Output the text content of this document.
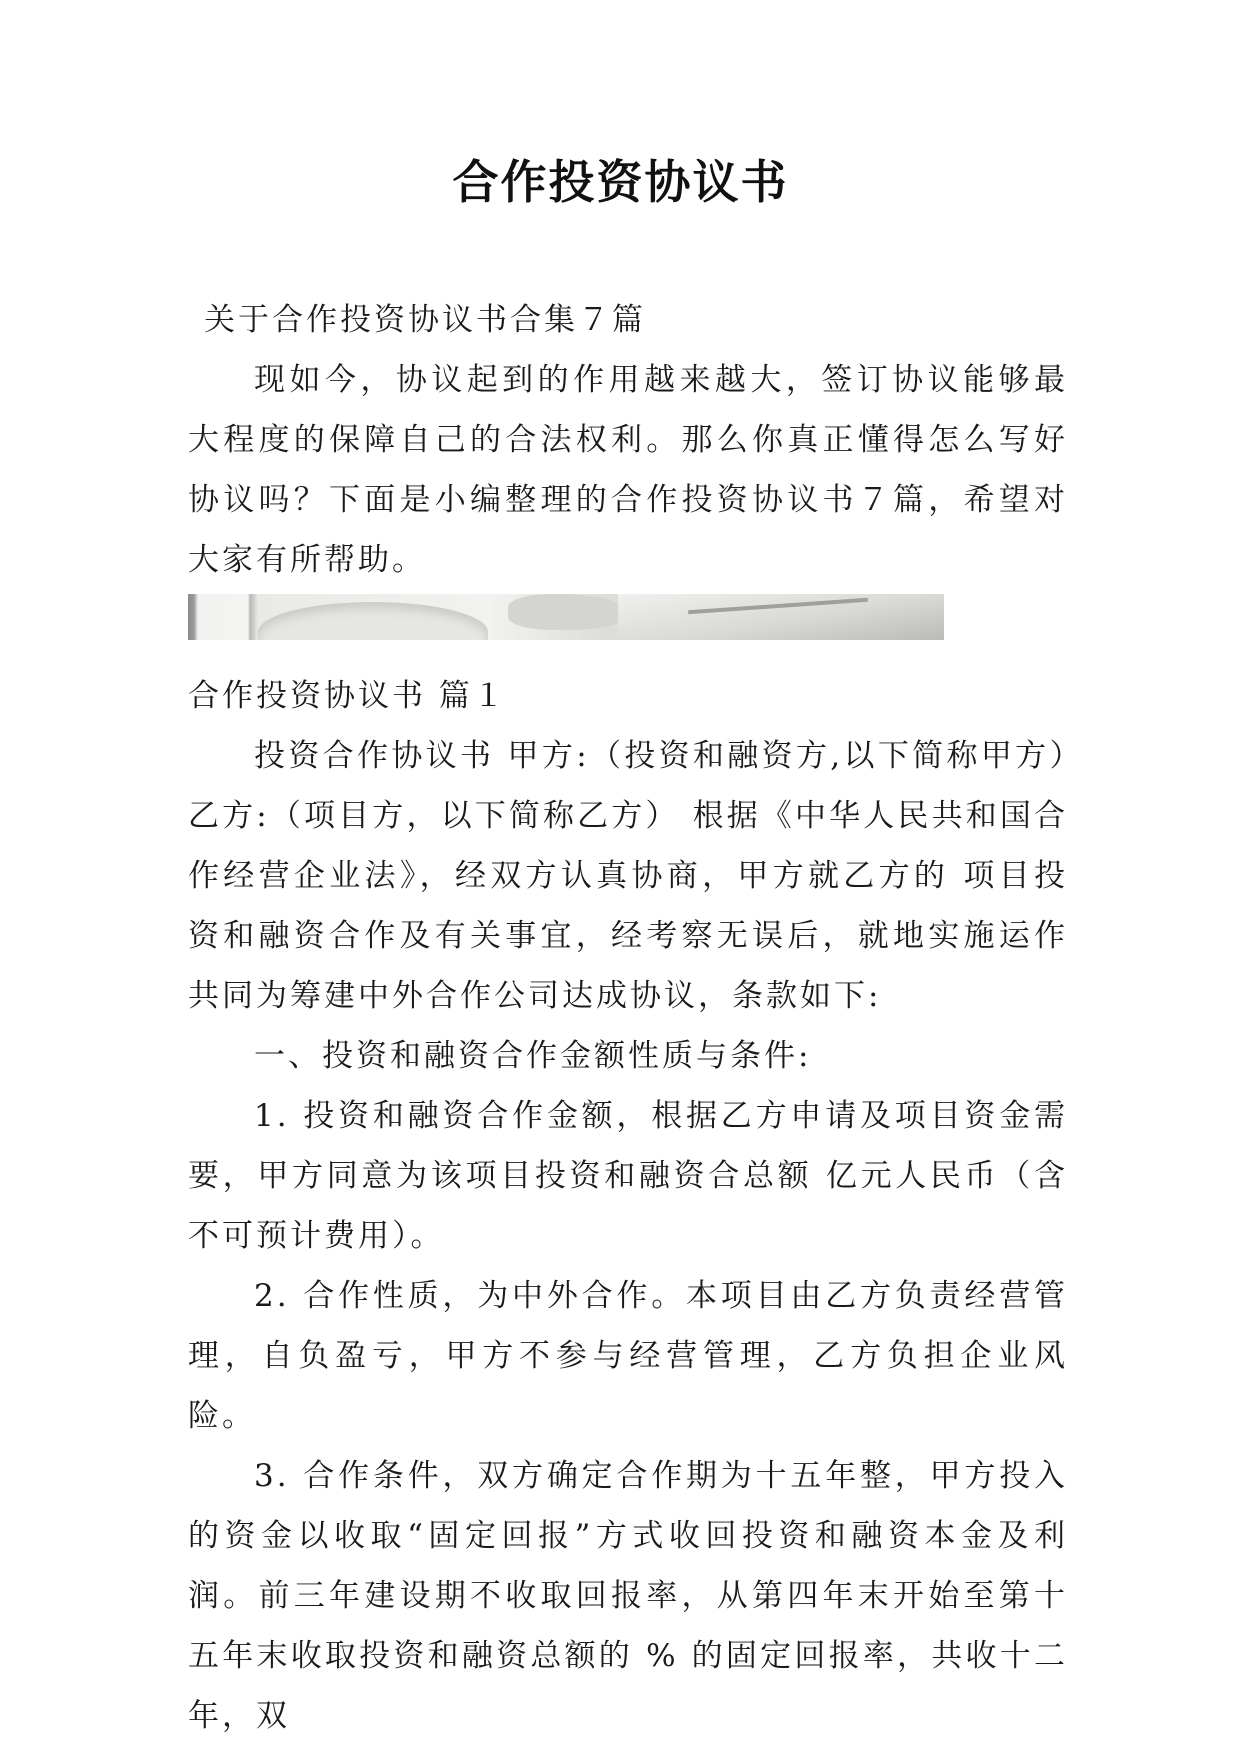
合作投资协议书

关于合作投资协议书合集７篇

现如今，协议起到的作用越来越大，签订协议能够最大程度的保障自己的合法权利。那么你真正懂得怎么写好协议吗？下面是小编整理的合作投资协议书７篇，希望对大家有所帮助。

合作投资协议书 篇１

投资合作协议书 甲方:（投资和融资方,以下简称甲方）乙方:（项目方，以下简称乙方） 根据《中华人民共和国合作经营企业法》，经双方认真协商，甲方就乙方的 项目投资和融资合作及有关事宜，经考察无误后，就地实施运作共同为筹建中外合作公司达成协议，条款如下:

一、投资和融资合作金额性质与条件:

1. 投资和融资合作金额，根据乙方申请及项目资金需要，甲方同意为该项目投资和融资合总额 亿元人民币（含不可预计费用）。

2. 合作性质，为中外合作。本项目由乙方负责经营管理，自负盈亏，甲方不参与经营管理，乙方负担企业风险。

3. 合作条件，双方确定合作期为十五年整，甲方投入的资金以收取“固定回报”方式收回投资和融资本金及利润。前三年建设期不收取回报率，从第四年末开始至第十五年末收取投资和融资总额的 % 的固定回报率，共收十二年，双
